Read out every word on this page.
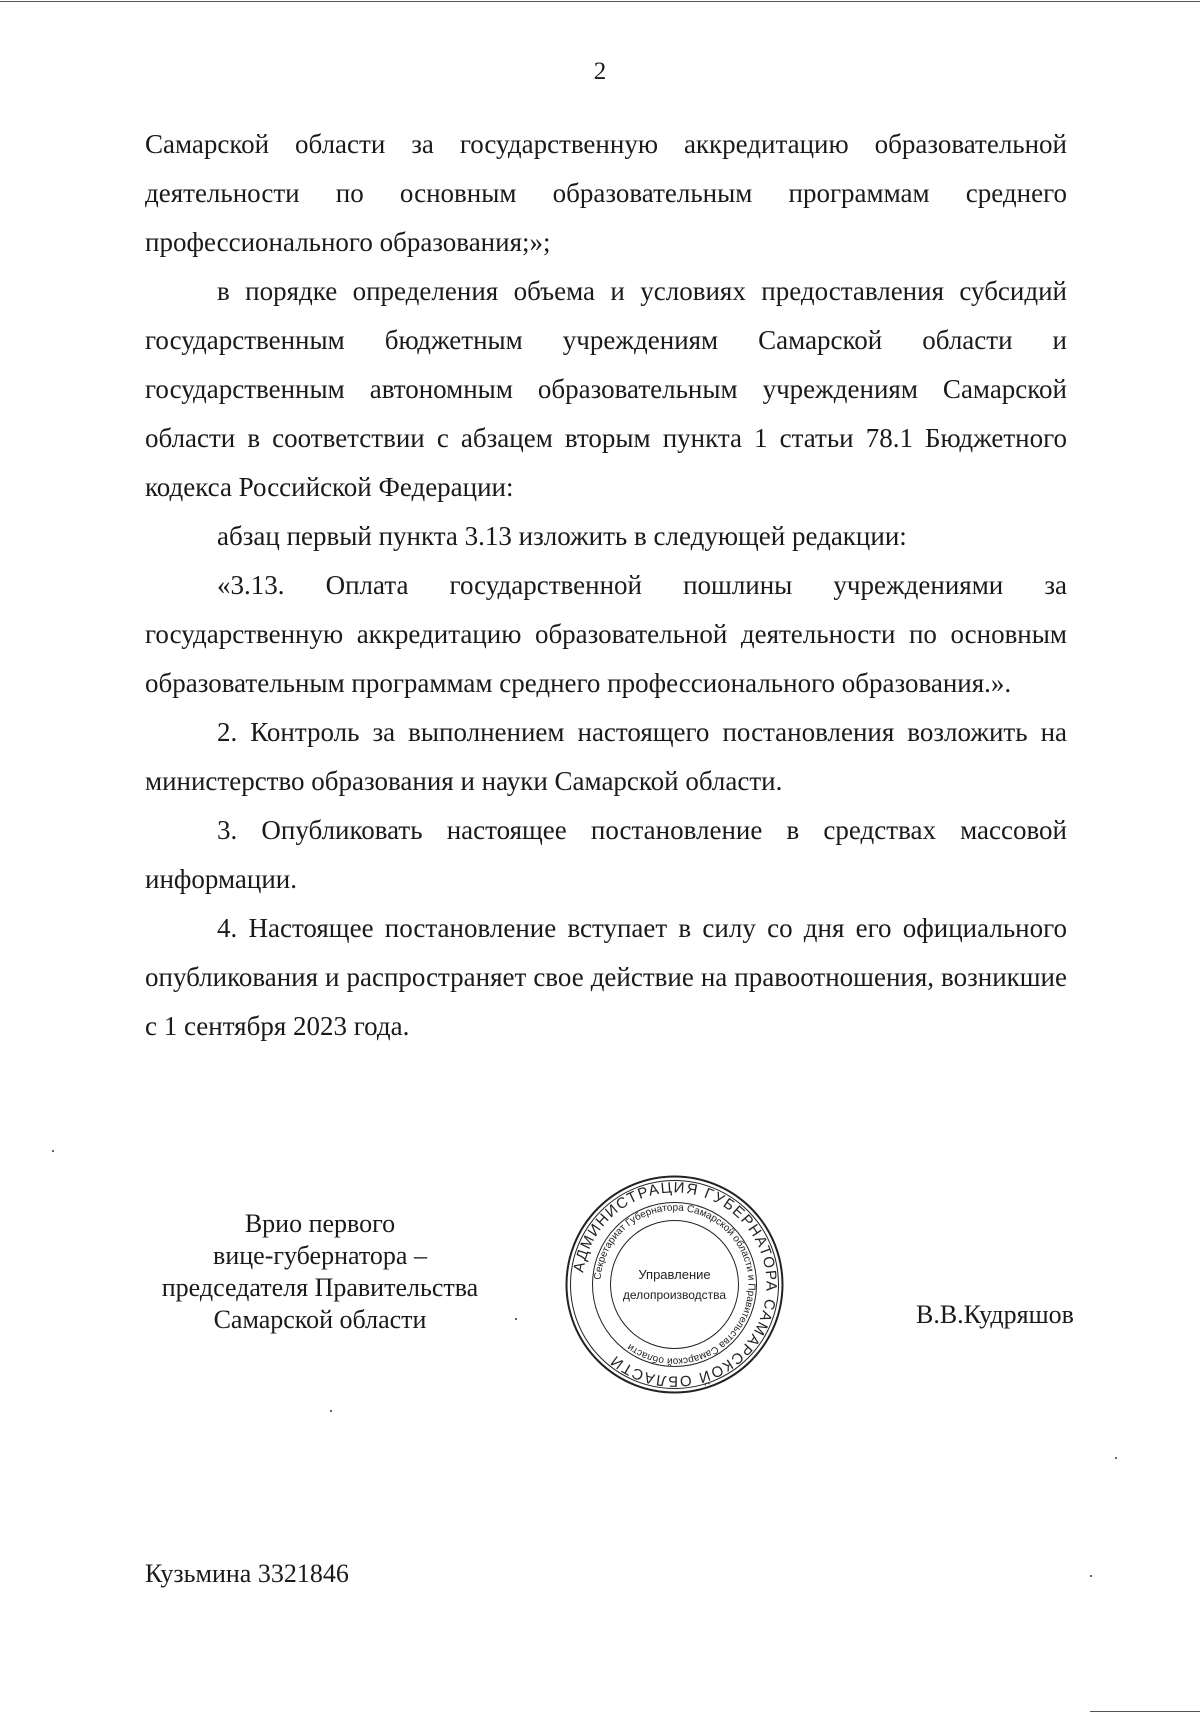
2

Самарской области за государственную аккредитацию образовательной деятельности по основным образовательным программам среднего профессионального образования;»;

в порядке определения объема и условиях предоставления субсидий государственным бюджетным учреждениям Самарской области и государственным автономным образовательным учреждениям Самарской области в соответствии с абзацем вторым пункта 1 статьи 78.1 Бюджетного кодекса Российской Федерации:

абзац первый пункта 3.13 изложить в следующей редакции:

«3.13. Оплата государственной пошлины учреждениями за государственную аккредитацию образовательной деятельности по основным образовательным программам среднего профессионального образования.».

2. Контроль за выполнением настоящего постановления возложить на министерство образования и науки Самарской области.

3. Опубликовать настоящее постановление в средствах массовой информации.

4. Настоящее постановление вступает в силу со дня его официального опубликования и распространяет свое действие на правоотношения, возникшие с 1 сентября 2023 года.

Врио первого
вице-губернатора –
председателя Правительства
Самарской области
АДМИНИСТРАЦИЯ ГУБЕРНАТОРА САМАРСКОЙ ОБЛАСТИ
Секретариат Губернатора Самарской области и Правительства Самарской области
Управление
делопроизводства
В.В.Кудряшов
Кузьмина 3321846
